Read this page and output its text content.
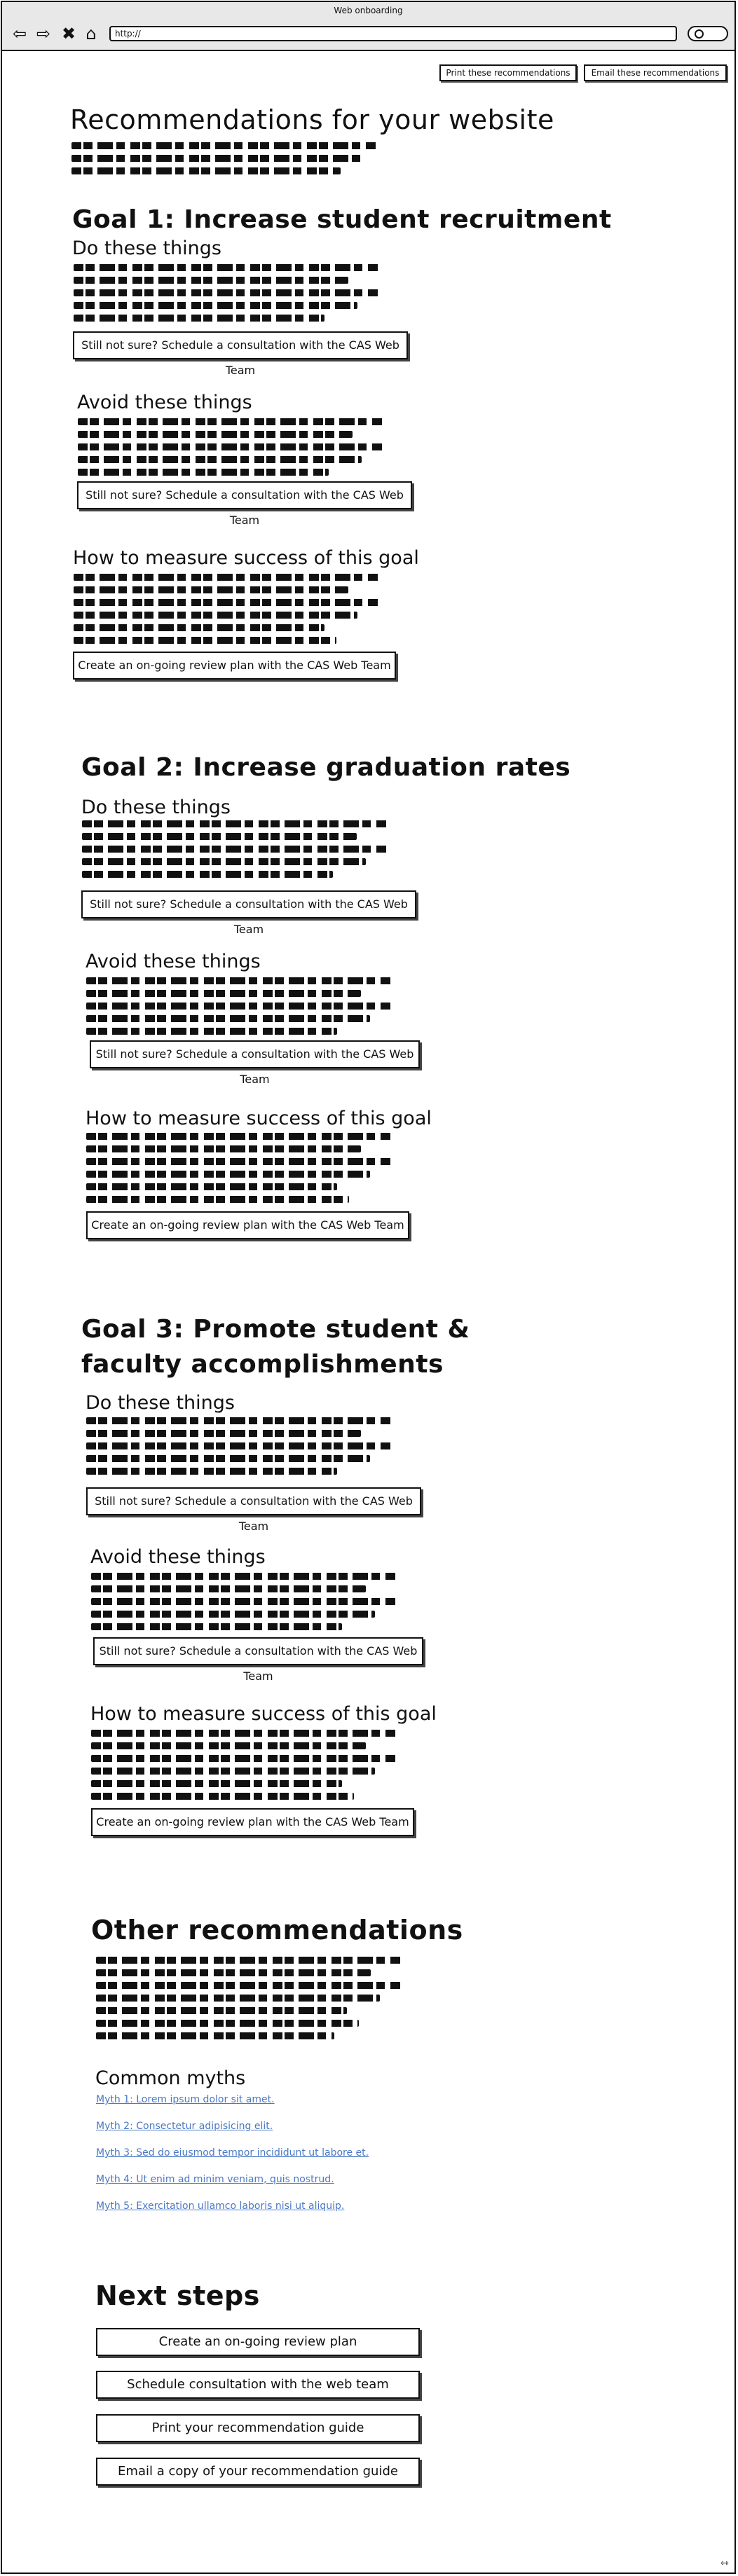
Web onboarding
⇦ ⇨ ✖ ⌂	http://
Print these recommendations	Email these recommendations
Recommendations for your website
Goal 1: Increase student recruitment
Do these things
Still not sure? Schedule a consultation with the CAS Web Team
Avoid these things
Still not sure? Schedule a consultation with the CAS Web Team
How to measure success of this goal
Create an on-going review plan with the CAS Web Team
Goal 2: Increase graduation rates
Do these things
Still not sure? Schedule a consultation with the CAS Web Team
Avoid these things
Still not sure? Schedule a consultation with the CAS Web Team
How to measure success of this goal
Create an on-going review plan with the CAS Web Team
Goal 3: Promote student &
faculty accomplishments
Do these things
Still not sure? Schedule a consultation with the CAS Web Team
Avoid these things
Still not sure? Schedule a consultation with the CAS Web Team
How to measure success of this goal
Create an on-going review plan with the CAS Web Team
Other recommendations
Common myths
Myth 1: Lorem ipsum dolor sit amet.
Myth 2: Consectetur adipisicing elit.
Myth 3: Sed do eiusmod tempor incididunt ut labore et.
Myth 4: Ut enim ad minim veniam, quis nostrud.
Myth 5: Exercitation ullamco laboris nisi ut aliquip.
Next steps
Create an on-going review plan
Schedule consultation with the web team
Print your recommendation guide
Email a copy of your recommendation guide
⇿
